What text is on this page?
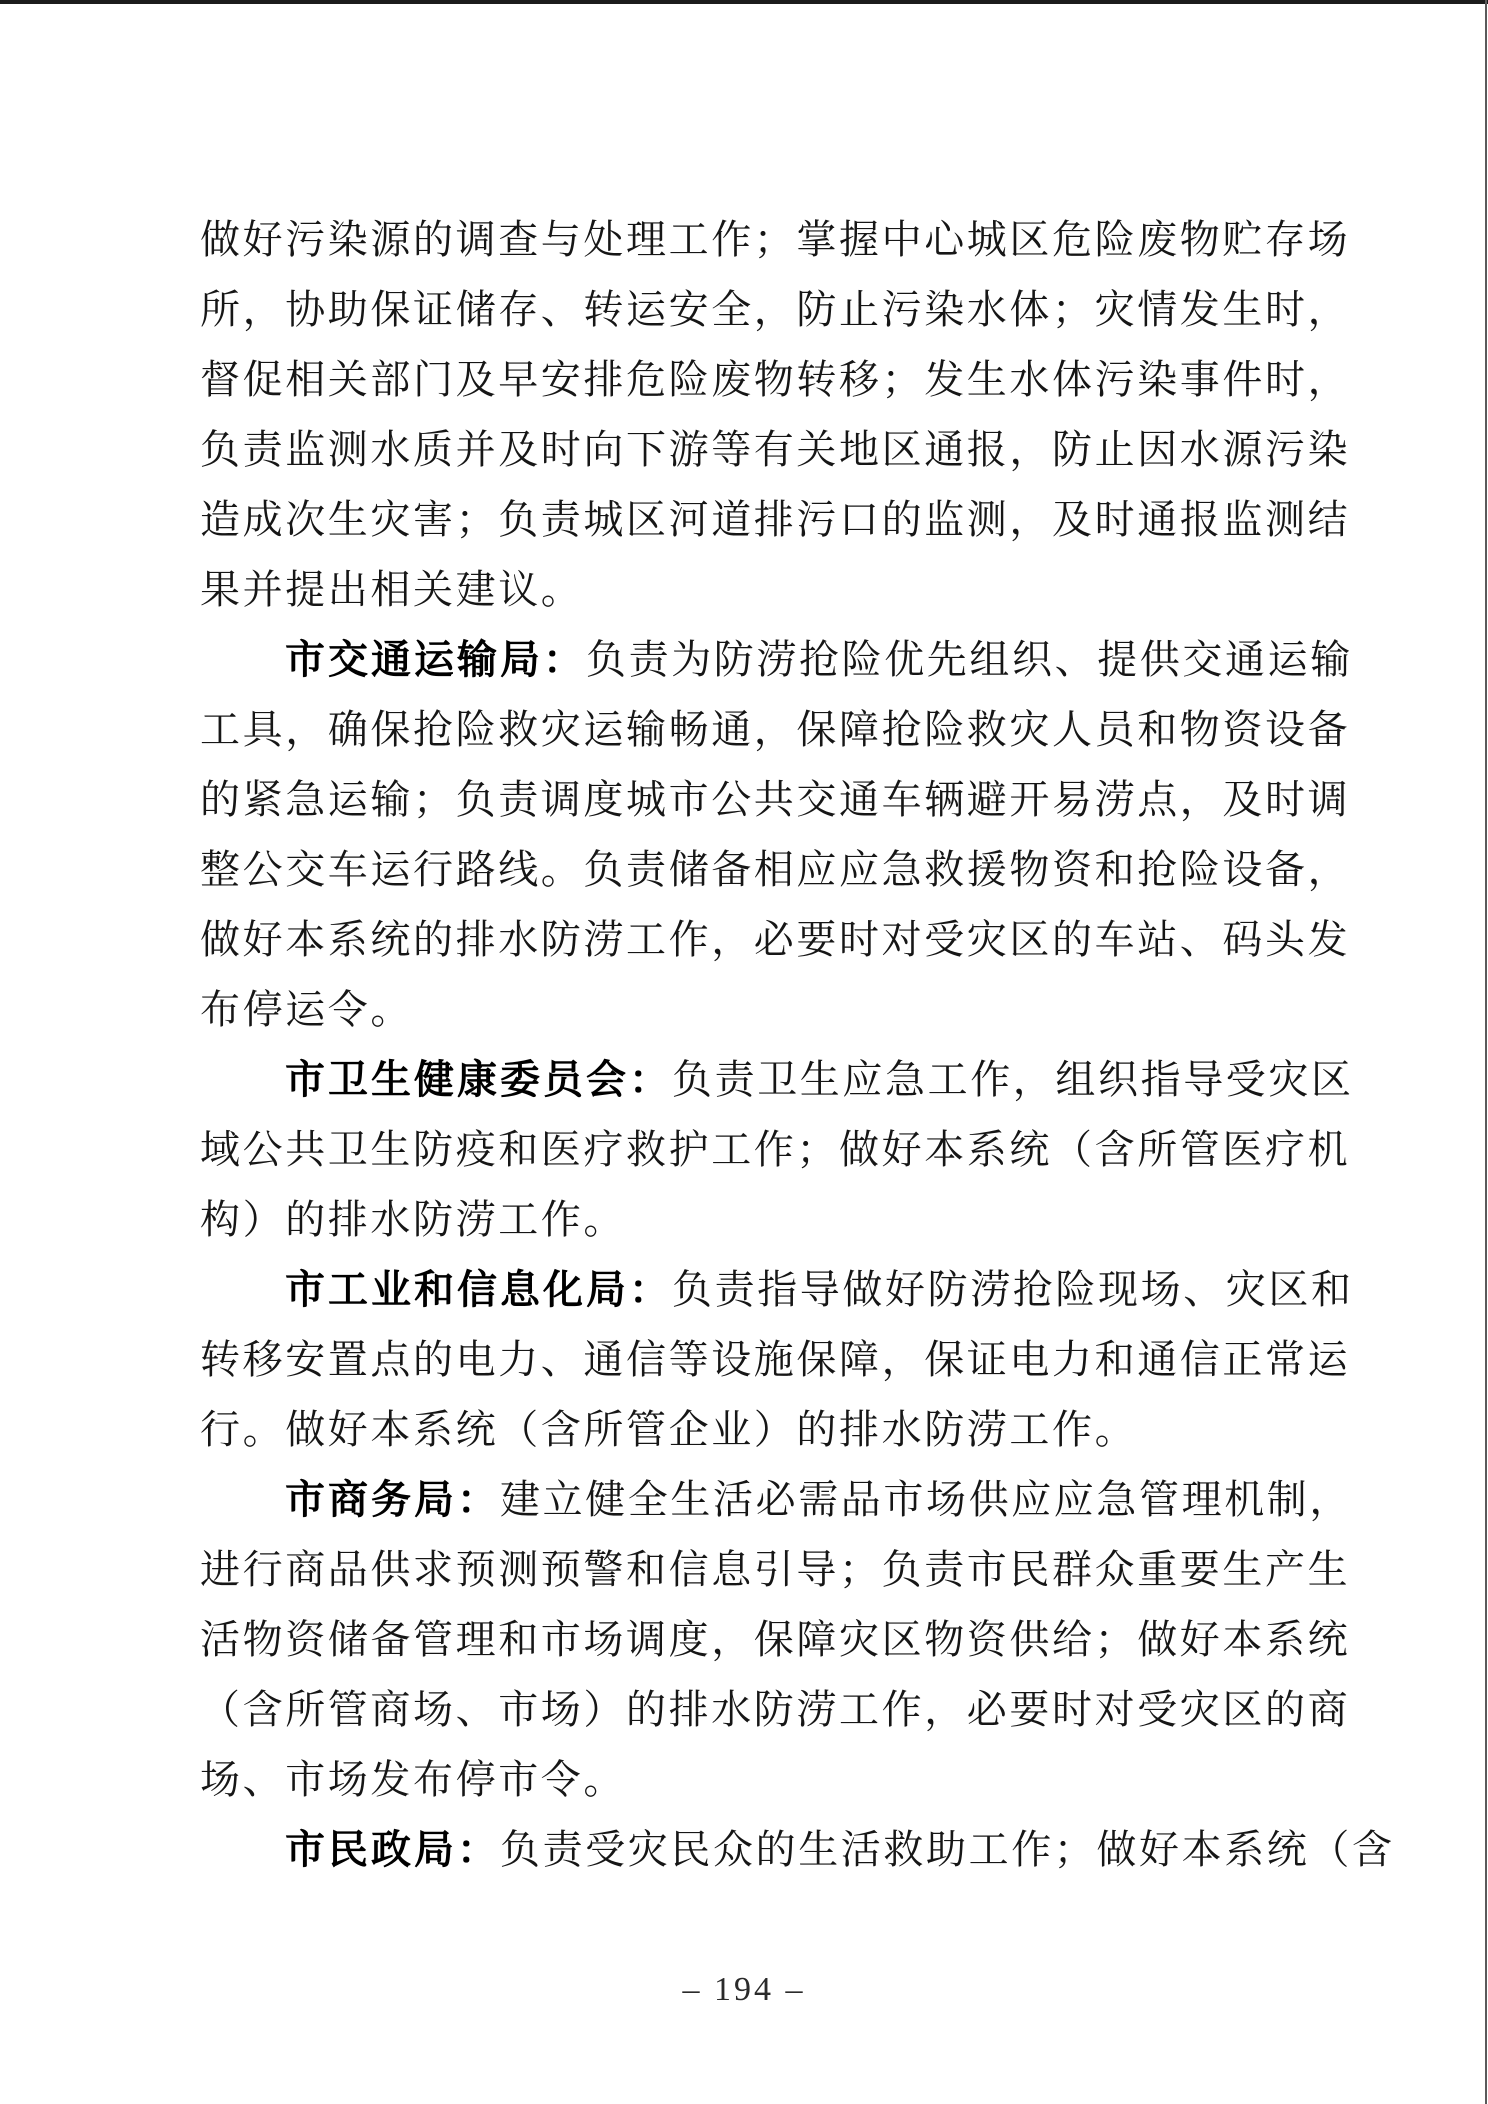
做好污染源的调查与处理工作；掌握中心城区危险废物贮存场
所，协助保证储存、转运安全，防止污染水体；灾情发生时，
督促相关部门及早安排危险废物转移；发生水体污染事件时，
负责监测水质并及时向下游等有关地区通报，防止因水源污染
造成次生灾害；负责城区河道排污口的监测，及时通报监测结
果并提出相关建议。
市交通运输局：负责为防涝抢险优先组织、提供交通运输
工具，确保抢险救灾运输畅通，保障抢险救灾人员和物资设备
的紧急运输；负责调度城市公共交通车辆避开易涝点，及时调
整公交车运行路线。负责储备相应应急救援物资和抢险设备，
做好本系统的排水防涝工作，必要时对受灾区的车站、码头发
布停运令。
市卫生健康委员会：负责卫生应急工作，组织指导受灾区
域公共卫生防疫和医疗救护工作；做好本系统（含所管医疗机
构）的排水防涝工作。
市工业和信息化局：负责指导做好防涝抢险现场、灾区和
转移安置点的电力、通信等设施保障，保证电力和通信正常运
行。做好本系统（含所管企业）的排水防涝工作。
市商务局：建立健全生活必需品市场供应应急管理机制，
进行商品供求预测预警和信息引导；负责市民群众重要生产生
活物资储备管理和市场调度，保障灾区物资供给；做好本系统
（含所管商场、市场）的排水防涝工作，必要时对受灾区的商
场、市场发布停市令。
市民政局：负责受灾民众的生活救助工作；做好本系统（含
– 194 –
